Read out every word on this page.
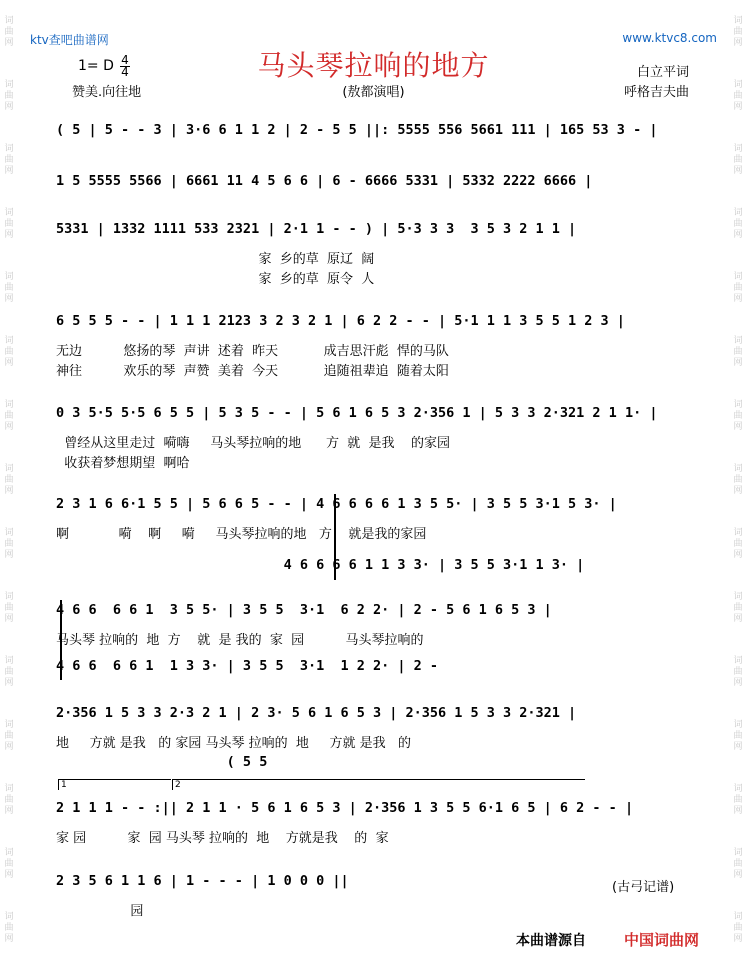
词
曲
网
词
曲
网
词
曲
网
词
曲
网
词
曲
网
词
曲
网
词
曲
网
词
曲
网
词
曲
网
词
曲
网
词
曲
网
词
曲
网
词
曲
网
词
曲
网
词
曲
网
词
曲
网
词
曲
网
词
曲
网
词
曲
网
词
曲
网
词
曲
网
词
曲
网
词
曲
网
词
曲
网
词
曲
网
词
曲
网
词
曲
网
词
曲
网
词
曲
网
词
曲
网
ktv查吧曲谱网	www.ktvc8.com
马头琴拉响的地方
1= D 4
4	白立平词
呼格吉夫曲
赞美.向往地	(敖都演唱)
( 5 | 5 - - 3 | 3·6 6 1 1 2 | 2 - 5 5 ||: 5555 556 5661 111 | 165 53 3 - |
1 5 5555 5566 | 6661 11 4 5 6 6 | 6 - 6666 5331 | 5332 2222 6666 |
5331 | 1332 1111 533 2321 | 2·1 1 - - ) | 5·3 3 3  3 5 3 2 1 1 |
家  乡的草  原辽  阔
家  乡的草  原令  人
6 5 5 5 - - | 1 1 1 2123 3 2 3 2 1 | 6 2 2 - - | 5·1 1 1 3 5 5 1 2 3 |
无边          悠扬的琴  声讲  述着  昨天           成吉思汗彪  悍的马队
神往          欢乐的琴  声赞  美着  今天           追随祖辈追  随着太阳
0 3 5·5 5·5 6 5 5 | 5 3 5 - - | 5 6 1 6 5 3 2·356 1 | 5 3 3 2·321 2 1 1· |
曾经从这里走过  嗬嗨     马头琴拉响的地      方  就  是我    的家园
收获着梦想期望  啊哈
2 3 1 6 6·1 5 5 | 5 6 6 5 - - | 4 6 6 6 6 1 3 5 5· | 3 5 5 3·1 5 3· |
啊            嗬    啊     嗬     马头琴拉响的地   方    就是我的家园
4 6 6 6 6 1 1 3 3· | 3 5 5 3·1 1 3· |
4 6 6  6 6 1  3 5 5· | 3 5 5  3·1  6 2 2· | 2 - 5 6 1 6 5 3 |
马头琴 拉响的  地  方    就  是 我的  家  园          马头琴拉响的
4 6 6  6 6 1  1 3 3· | 3 5 5  3·1  1 2 2· | 2 -
2·356 1 5 3 3 2·3 2 1 | 2 3· 5 6 1 6 5 3 | 2·356 1 5 3 3 2·321 |
地     方就 是我   的 家园 马头琴 拉响的  地     方就 是我   的
( 5 5
2 1 1 1 - - :|| 2 1 1 · 5 6 1 6 5 3 | 2·356 1 3 5 5 6·1 6 5 | 6 2 - - |
家 园          家  园 马头琴 拉响的  地    方就是我    的  家
2 3 5 6 1 1 6 | 1 - - - | 1 0 0 0 ||
园
1	2
(古弓记谱)
本曲谱源自	中国词曲网
